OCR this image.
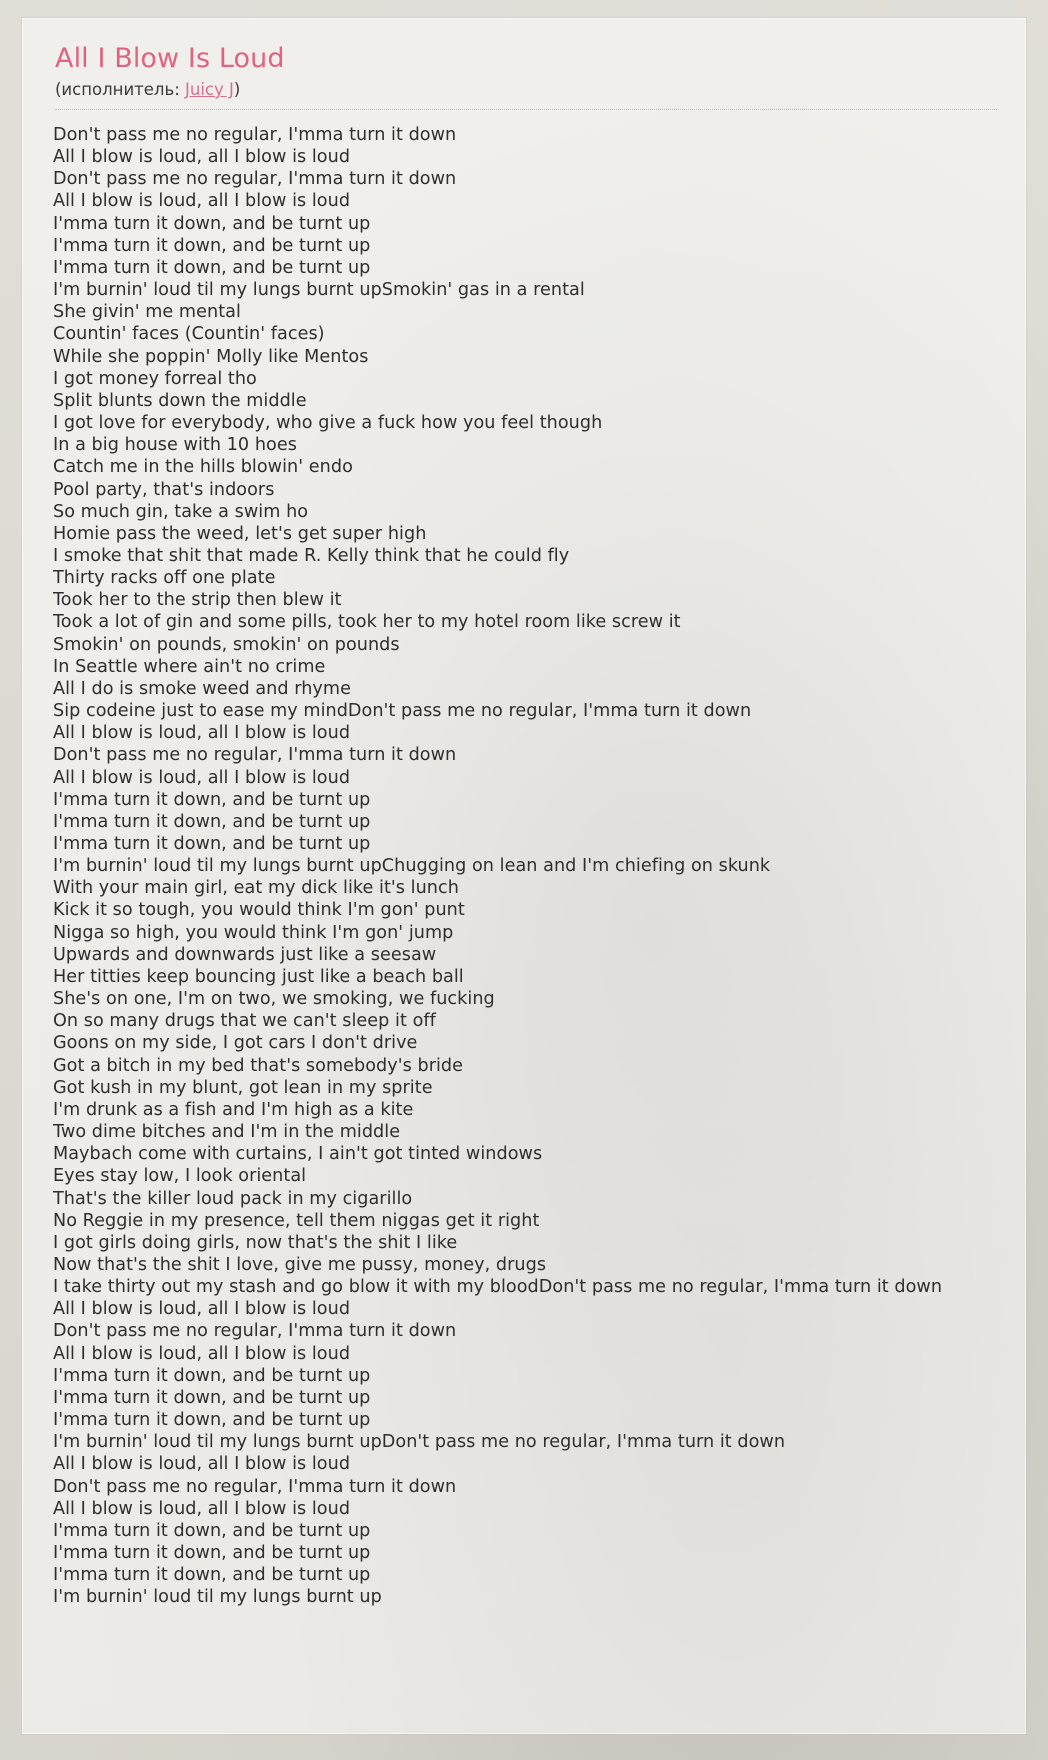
All I Blow Is Loud
(исполнитель: Juicy J)
Don't pass me no regular, I'mma turn it down
All I blow is loud, all I blow is loud
Don't pass me no regular, I'mma turn it down
All I blow is loud, all I blow is loud
I'mma turn it down, and be turnt up
I'mma turn it down, and be turnt up
I'mma turn it down, and be turnt up
I'm burnin' loud til my lungs burnt upSmokin' gas in a rental
She givin' me mental
Countin' faces (Countin' faces)
While she poppin' Molly like Mentos
I got money forreal tho
Split blunts down the middle
I got love for everybody, who give a fuck how you feel though
In a big house with 10 hoes
Catch me in the hills blowin' endo
Pool party, that's indoors
So much gin, take a swim ho
Homie pass the weed, let's get super high
I smoke that shit that made R. Kelly think that he could fly
Thirty racks off one plate
Took her to the strip then blew it
Took a lot of gin and some pills, took her to my hotel room like screw it
Smokin' on pounds, smokin' on pounds
In Seattle where ain't no crime
All I do is smoke weed and rhyme
Sip codeine just to ease my mindDon't pass me no regular, I'mma turn it down
All I blow is loud, all I blow is loud
Don't pass me no regular, I'mma turn it down
All I blow is loud, all I blow is loud
I'mma turn it down, and be turnt up
I'mma turn it down, and be turnt up
I'mma turn it down, and be turnt up
I'm burnin' loud til my lungs burnt upChugging on lean and I'm chiefing on skunk
With your main girl, eat my dick like it's lunch
Kick it so tough, you would think I'm gon' punt
Nigga so high, you would think I'm gon' jump
Upwards and downwards just like a seesaw
Her titties keep bouncing just like a beach ball
She's on one, I'm on two, we smoking, we fucking
On so many drugs that we can't sleep it off
Goons on my side, I got cars I don't drive
Got a bitch in my bed that's somebody's bride
Got kush in my blunt, got lean in my sprite
I'm drunk as a fish and I'm high as a kite
Two dime bitches and I'm in the middle
Maybach come with curtains, I ain't got tinted windows
Eyes stay low, I look oriental
That's the killer loud pack in my cigarillo
No Reggie in my presence, tell them niggas get it right
I got girls doing girls, now that's the shit I like
Now that's the shit I love, give me pussy, money, drugs
I take thirty out my stash and go blow it with my bloodDon't pass me no regular, I'mma turn it down
All I blow is loud, all I blow is loud
Don't pass me no regular, I'mma turn it down
All I blow is loud, all I blow is loud
I'mma turn it down, and be turnt up
I'mma turn it down, and be turnt up
I'mma turn it down, and be turnt up
I'm burnin' loud til my lungs burnt upDon't pass me no regular, I'mma turn it down
All I blow is loud, all I blow is loud
Don't pass me no regular, I'mma turn it down
All I blow is loud, all I blow is loud
I'mma turn it down, and be turnt up
I'mma turn it down, and be turnt up
I'mma turn it down, and be turnt up
I'm burnin' loud til my lungs burnt up
